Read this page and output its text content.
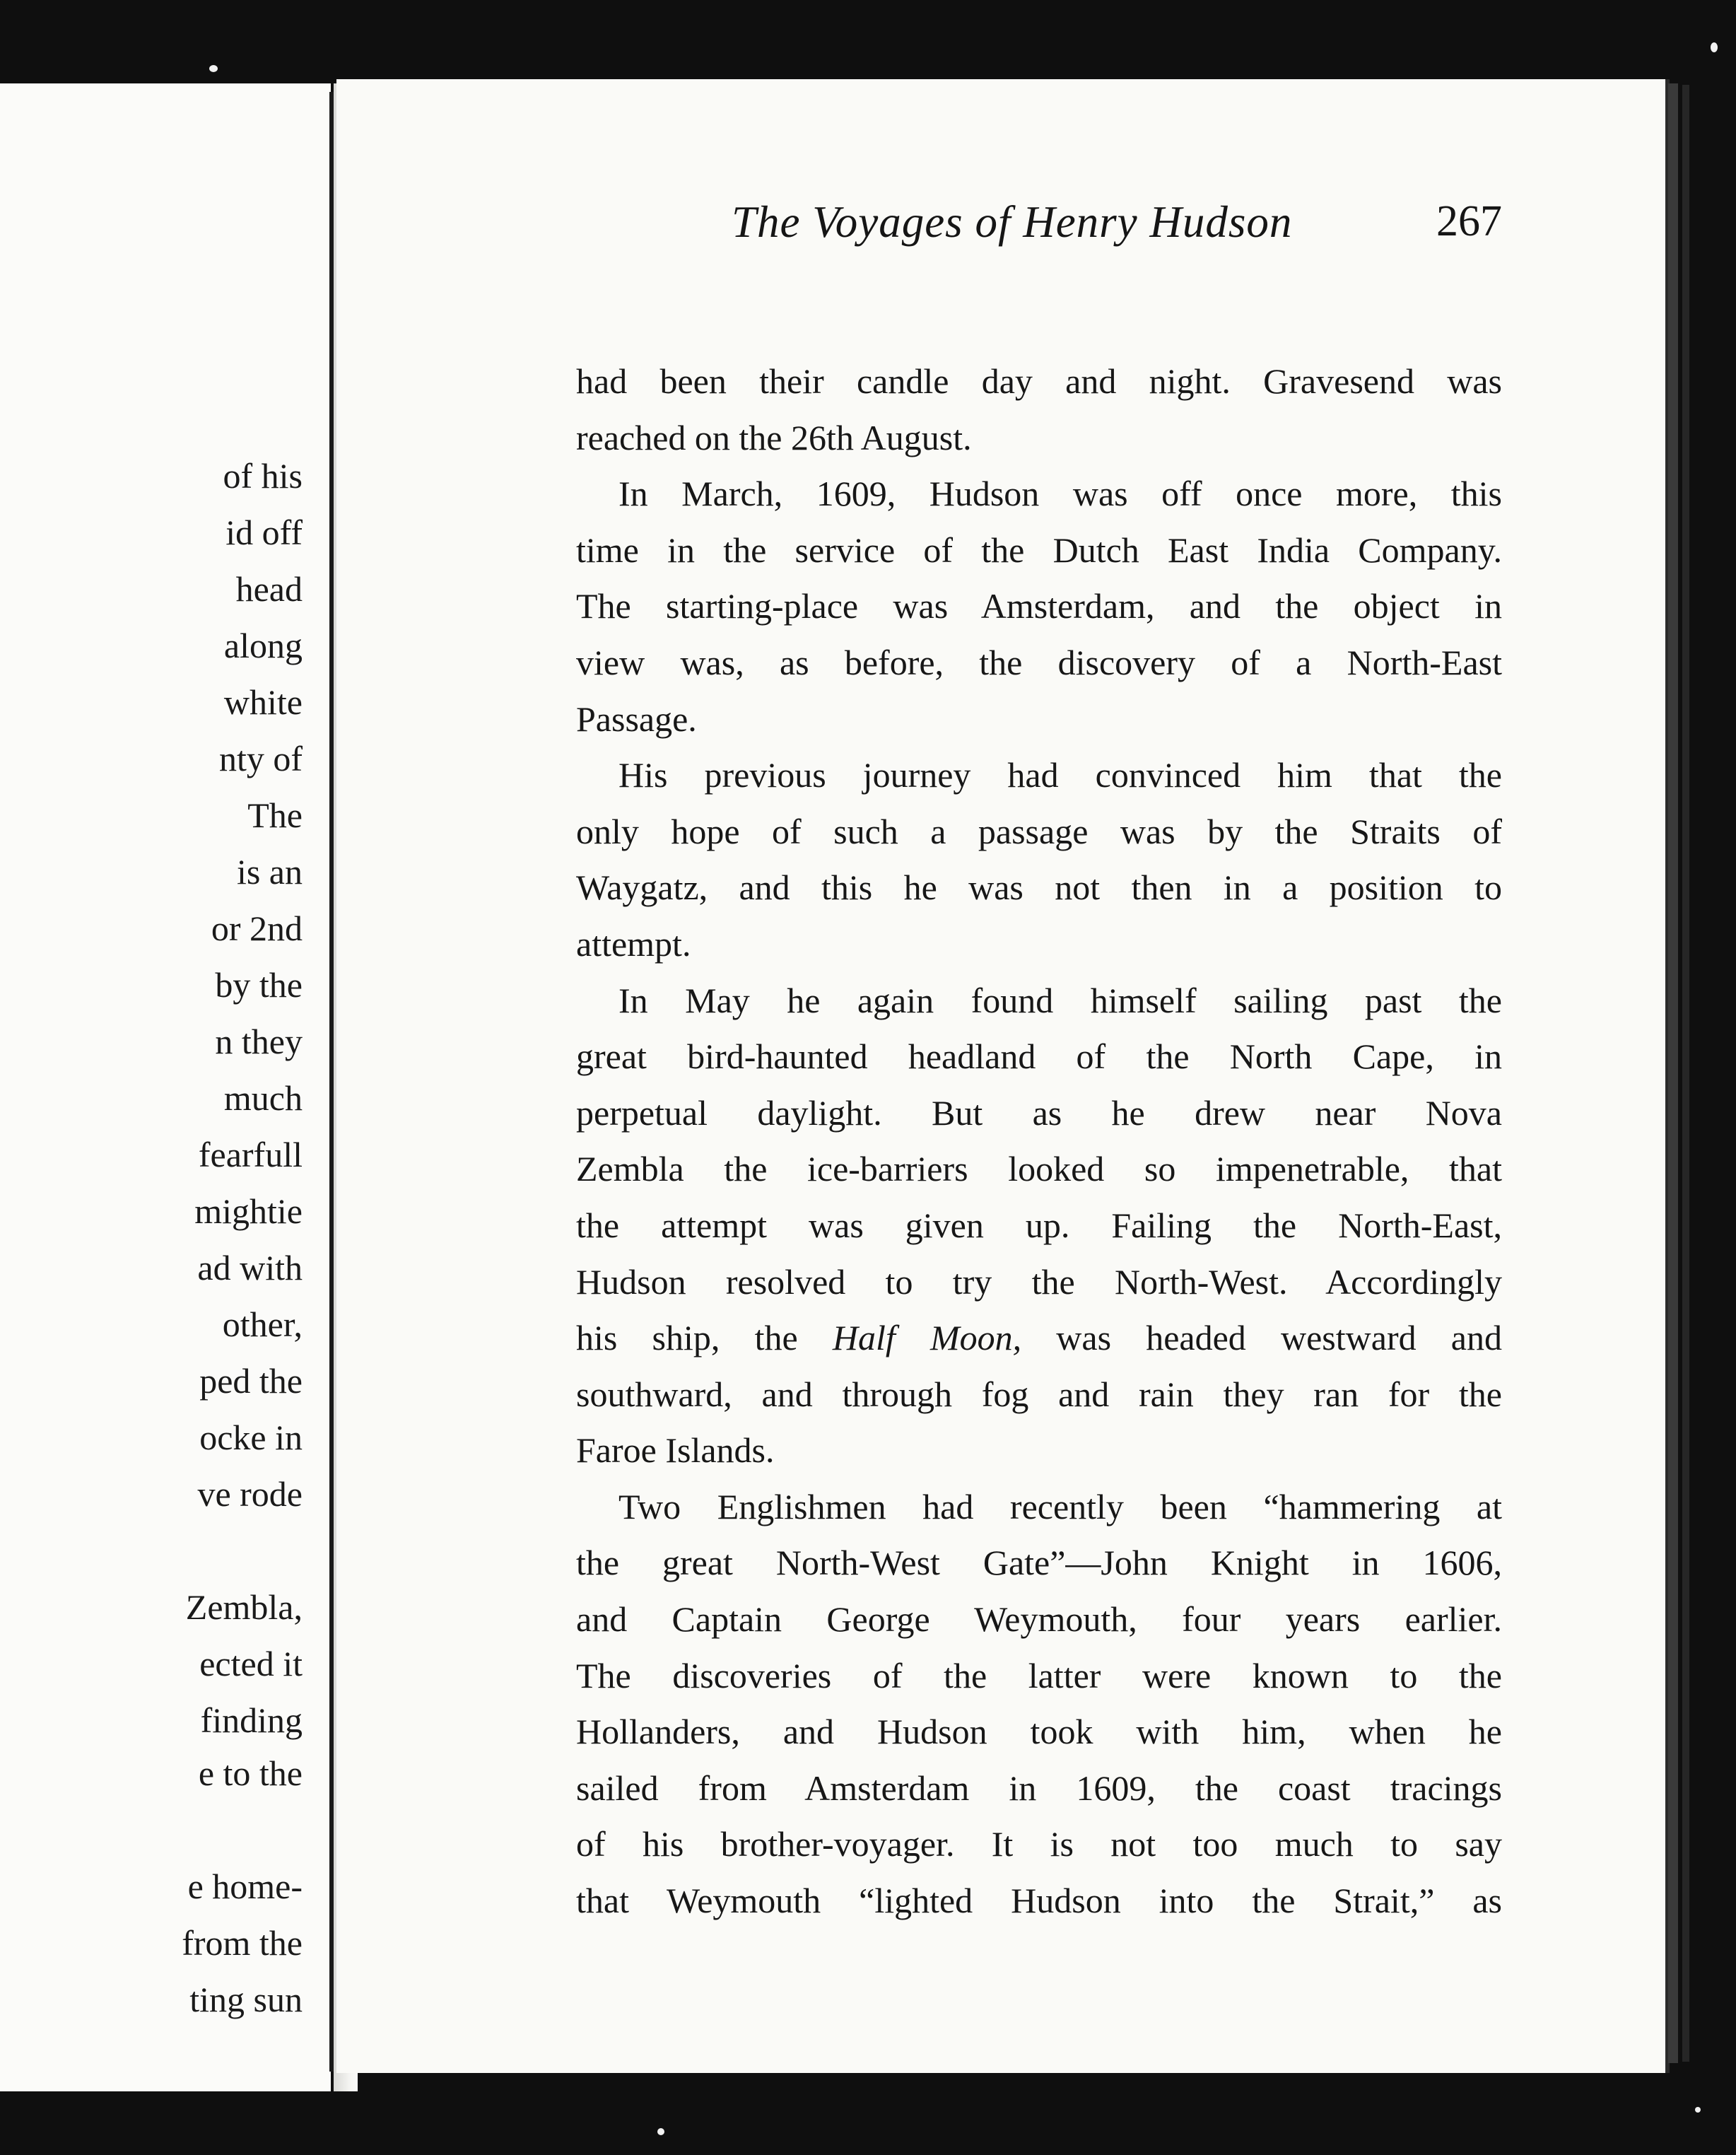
of his
id off
head
along
white
nty of
The
is an
or 2nd
by the
n they
much
fearfull
mightie
ad with
other,
ped the
ocke in
ve rode
Zembla,
ected it
finding
e to the
e home-
from the
ting sun
The Voyages of Henry Hudson	267
had been their candle day and night. Gravesend was
reached on the 26th August.
In March, 1609, Hudson was off once more, this
time in the service of the Dutch East India Company.
The starting-place was Amsterdam, and the object in
view was, as before, the discovery of a North-East
Passage.
His previous journey had convinced him that the
only hope of such a passage was by the Straits of
Waygatz, and this he was not then in a position to
attempt.
In May he again found himself sailing past the
great bird-haunted headland of the North Cape, in
perpetual daylight. But as he drew near Nova
Zembla the ice-barriers looked so impenetrable, that
the attempt was given up. Failing the North-East,
Hudson resolved to try the North-West. Accordingly
his ship, the Half Moon, was headed westward and
southward, and through fog and rain they ran for the
Faroe Islands.
Two Englishmen had recently been “hammering at
the great North-West Gate”—John Knight in 1606,
and Captain George Weymouth, four years earlier.
The discoveries of the latter were known to the
Hollanders, and Hudson took with him, when he
sailed from Amsterdam in 1609, the coast tracings
of his brother-voyager. It is not too much to say
that Weymouth “lighted Hudson into the Strait,” as
